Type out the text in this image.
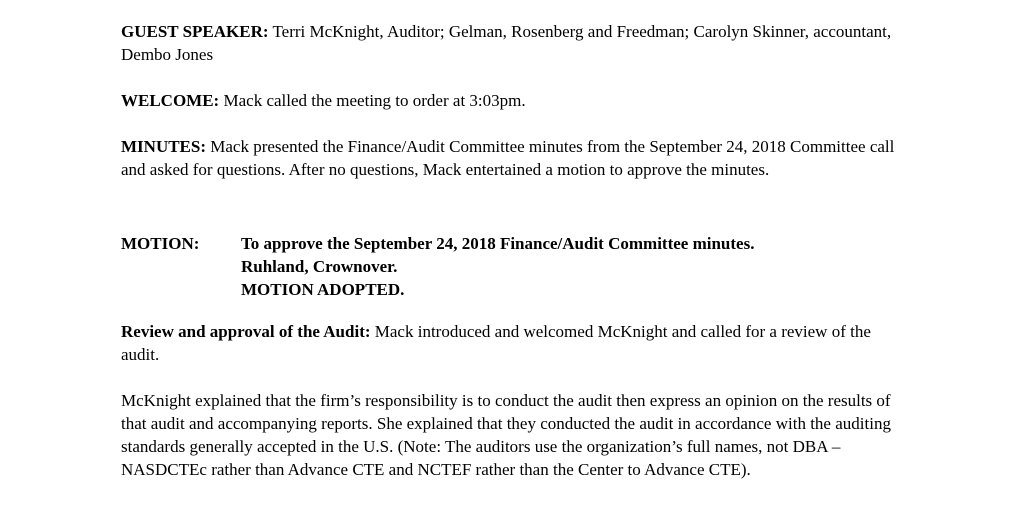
GUEST SPEAKER: Terri McKnight, Auditor; Gelman, Rosenberg and Freedman; Carolyn Skinner, accountant, Dembo Jones

WELCOME: Mack called the meeting to order at 3:03pm.

MINUTES: Mack presented the Finance/Audit Committee minutes from the September 24, 2018 Committee call and asked for questions. After no questions, Mack entertained a motion to approve the minutes.

MOTION: To approve the September 24, 2018 Finance/Audit Committee minutes.
Ruhland, Crownover.
MOTION ADOPTED.

Review and approval of the Audit: Mack introduced and welcomed McKnight and called for a review of the audit.

McKnight explained that the firm’s responsibility is to conduct the audit then express an opinion on the results of that audit and accompanying reports. She explained that they conducted the audit in accordance with the auditing standards generally accepted in the U.S. (Note: The auditors use the organization’s full names, not DBA – NASDCTEc rather than Advance CTE and NCTEF rather than the Center to Advance CTE).
